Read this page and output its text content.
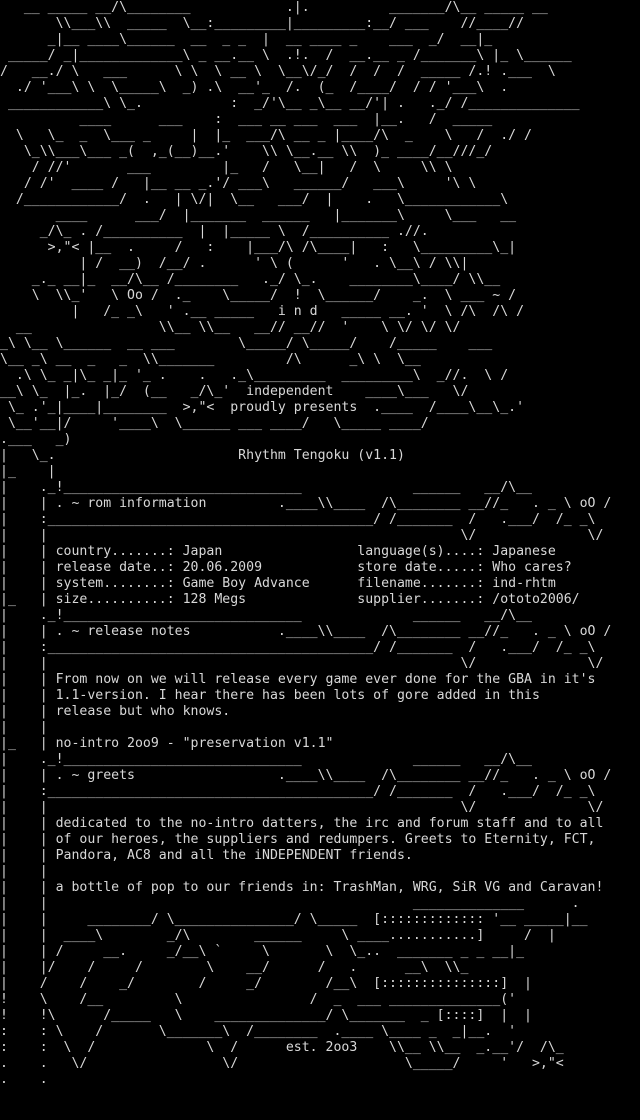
__ _____ __/\________            .|.          _______/\__ _____ __
\\___\\  _____  \__:_________|_________:__/ ___    //____//
_|__ ____\______  __  _ _  |  __ ____ _    ___  _/  __|_
_____/ _|_____________\ _ __.__ \  .!.  /  __.__ _ /_______\ |_ \______
/   __./ \   ___      \ \  \ __ \  \__\/_/  /  /  /  _____ /.! .___  \
./ '___\ \  \_____\  _) .\  __'_  /.  (_  /____/  / / '___\  .
____________\ \_.           :  _/'\__ _\__ __/'| .   ._/ /______________
____      ___    :  ___ __ ___  ___  |__.   /  _____
\   \_  _  \___ _     |  |_  ___/\ __ _ |____/\  _    \   /  ./ /
\_\\___\___ _(  ,_(__)__.'    \\ \__.__ \\  )_ ____/__///_/
/ //'       ___         |_   /   \__|   /  \     \\ \
/ /'  ____ /   |__ __ _.'/ ___\   ______/   ___\     '\ \
/____________/  .   | \/|  \__   ___/  |    .   \____________\
____      ___/  |_______  ______   |_______\     \___   __
_/\_ . /__________  |  |_____ \  /__________ .//.
>,"< |__  .     /   :    |___/\ /\____|   :   \_________\_|
| /  __)  /__/ .      ' \ (      '   . \__\ / \\|
_._ __|_  __/\__ /________   ._/ \_.    ________\____/ \\__
\  \\_'   \ Oo /  ._    \_____/  !  \______/    _.  \ ___ ~ /
|   /_ _\   ' .__ _____   i n d   _____ __. '  \ /\  /\ /
__                \\__ \\__   __// __//  '    \ \/ \/ \/
_\ \__ \______  __ ___        \_____/ \_____/    /_____    ___
\__ _\ __  _   _  \\_______         /\      _\ \  \__
.\ \_ _|\_ _|_ '_ .    .   ._\_________  _________\  _//.  \ /
__\ \_  |_.  |_/  (__   _/\_'  independent    ____\___   \/
\_ .'_|____|________  >,"<  proudly presents  .____  /____\__\_.'
\__'__|/     '____\  \______ ___ ____/   \_____ ____/
.___   _)
|   \_.                       Rhythm Tengoku (v1.1)
|_    |
|    ._!______________________________              ______   __/\__
|    | . ~ rom information         .____\\____  /\________ __//_   . _ \ oO /
|    :_________________________________________/ /_______  /   .___/  /_ _\
|    |                                                    \/              \/
|    | country.......: Japan                 language(s)....: Japanese
|    | release date..: 20.06.2009            store date.....: Who cares?
|    | system........: Game Boy Advance      filename.......: ind-rhtm
|_   | size..........: 128 Megs              supplier.......: /ototo2006/
|    ._!______________________________              ______   __/\__
|    | . ~ release notes           .____\\____  /\________ __//_   . _ \ oO /
|    :_________________________________________/ /_______  /   .___/  /_ _\
|    |                                                    \/              \/
|    | From now on we will release every game ever done for the GBA in it's
|    | 1.1-version. I hear there has been lots of gore added in this
|    | release but who knows.
|    |
|_   | no-intro 2oo9 - "preservation v1.1"
|    ._!______________________________              ______   __/\__
|    | . ~ greets                  .____\\____  /\________ __//_   . _ \ oO /
|    :_________________________________________/ /_______  /   .___/  /_ _\
|    |                                                    \/              \/
|    | dedicated to the no-intro datters, the irc and forum staff and to all
|    | of our heroes, the suppliers and redumpers. Greets to Eternity, FCT,
|    | Pandora, AC8 and all the iNDEPENDENT friends.
|    |
|    | a bottle of pop to our friends in: TrashMan, WRG, SiR VG and Caravan!
|    |                                              ______________      .
|    |     ________/ \_______________/ \_____  [::::::::::::: '__ _____|__
|    |  ____\        _/\        ______     \ ____...........]     /  |
|    | /     __.     _/__\ `     \       \  \_..  _______ _ _ __|_
|    |/    /     /        \    __/      /   .      __\  \\_
|    /    /    _/        /     _/        /__\  [:::::::::::::::]  |
!    \    /__         \                /  _  ___ ______________('
!    !\      /_____   \    ______________/ \_______  _ [::::]  |  |
:    : \    /       \_______\  /________  .____ \____ _  _|__.  '
:    :  \  /              \  /      est. 2oo3    \\__ \\__  _.__'/  /\_
.    .   \/                 \/                     \_____/     '   >,"<
.    .
